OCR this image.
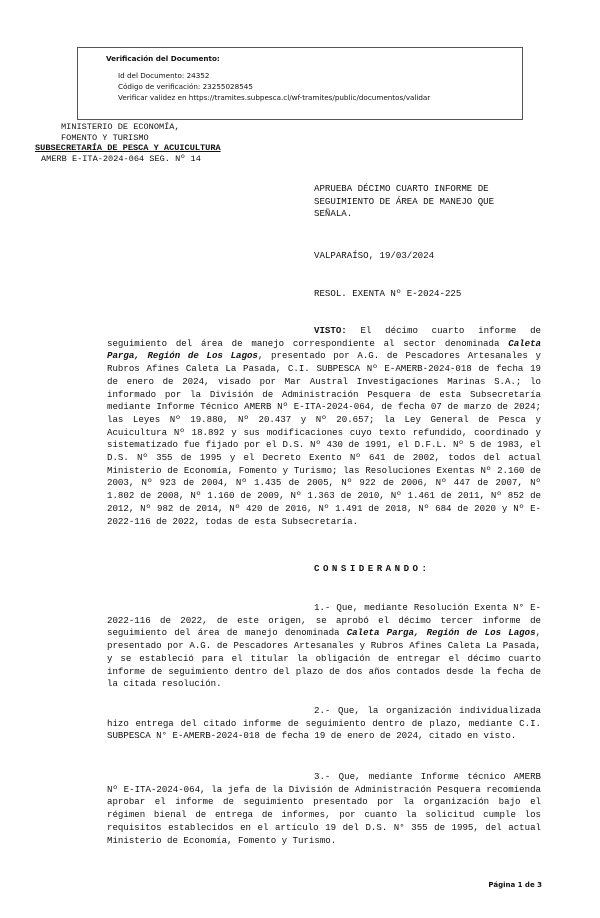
Verificación del Documento:

• Id del Documento: 24352
• Código de verificación: 23255028545
• Verificar validez en https://tramites.subpesca.cl/wf-tramites/public/documentos/validar
MINISTERIO DE ECONOMÍA,
FOMENTO Y TURISMO
SUBSECRETARÍA DE PESCA Y ACUICULTURA
AMERB E-ITA-2024-064 SEG. Nº 14
APRUEBA DÉCIMO CUARTO INFORME DE SEGUIMIENTO DE ÁREA DE MANEJO QUE SEÑALA.
VALPARAÍSO, 19/03/2024
RESOL. EXENTA Nº E-2024-225
VISTO: El décimo cuarto informe de seguimiento del área de manejo correspondiente al sector denominada Caleta Parga, Región de Los Lagos, presentado por A.G. de Pescadores Artesanales y Rubros Afines Caleta La Pasada, C.I. SUBPESCA Nº E-AMERB-2024-018 de fecha 19 de enero de 2024, visado por Mar Austral Investigaciones Marinas S.A.; lo informado por la División de Administración Pesquera de esta Subsecretaría mediante Informe Técnico AMERB Nº E-ITA-2024-064, de fecha 07 de marzo de 2024; las Leyes Nº 19.880, Nº 20.437 y Nº 20.657; la Ley General de Pesca y Acuicultura Nº 18.892 y sus modificaciones cuyo texto refundido, coordinado y sistematizado fue fijado por el D.S. Nº 430 de 1991, el D.F.L. Nº 5 de 1983, el D.S. Nº 355 de 1995 y el Decreto Exento Nº 641 de 2002, todos del actual Ministerio de Economía, Fomento y Turismo; las Resoluciones Exentas Nº 2.160 de 2003, Nº 923 de 2004, Nº 1.435 de 2005, Nº 922 de 2006, Nº 447 de 2007, Nº 1.802 de 2008, Nº 1.160 de 2009, Nº 1.363 de 2010, Nº 1.461 de 2011, Nº 852 de 2012, Nº 982 de 2014, Nº 420 de 2016, Nº 1.491 de 2018, Nº 684 de 2020 y Nº E-2022-116 de 2022, todas de esta Subsecretaría.
CONSIDERANDO:
1.- Que, mediante Resolución Exenta N° E-2022-116 de 2022, de este origen, se aprobó el décimo tercer informe de seguimiento del área de manejo denominada Caleta Parga, Región de Los Lagos, presentado por A.G. de Pescadores Artesanales y Rubros Afines Caleta La Pasada, y se estableció para el titular la obligación de entregar el décimo cuarto informe de seguimiento dentro del plazo de dos años contados desde la fecha de la citada resolución.
2.- Que, la organización individualizada hizo entrega del citado informe de seguimiento dentro de plazo, mediante C.I. SUBPESCA N° E-AMERB-2024-018 de fecha 19 de enero de 2024, citado en visto.
3.- Que, mediante Informe técnico AMERB Nº E-ITA-2024-064, la jefa de la División de Administración Pesquera recomienda aprobar el informe de seguimiento presentado por la organización bajo el régimen bienal de entrega de informes, por cuanto la solicitud cumple los requisitos establecidos en el artículo 19 del D.S. N° 355 de 1995, del actual Ministerio de Economía, Fomento y Turismo.
Página 1 de 3
